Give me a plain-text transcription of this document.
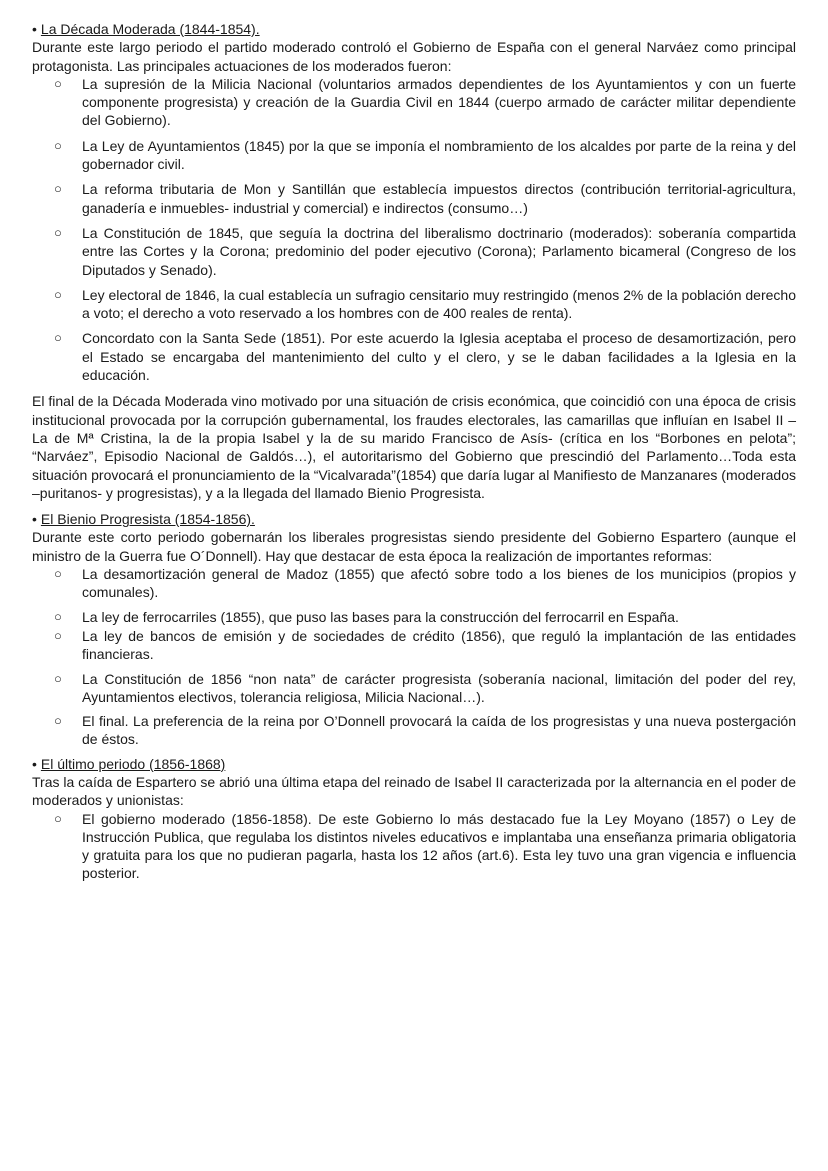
• La Década Moderada (1844-1854).

Durante este largo periodo el partido moderado controló el Gobierno de España con el general Narváez como principal protagonista. Las principales actuaciones de los moderados fueron:

○ La supresión de la Milicia Nacional (voluntarios armados dependientes de los Ayuntamientos y con un fuerte componente progresista) y creación de la Guardia Civil en 1844 (cuerpo armado de carácter militar dependiente del Gobierno).
○ La Ley de Ayuntamientos (1845) por la que se imponía el nombramiento de los alcaldes por parte de la reina y del gobernador civil.
○ La reforma tributaria de Mon y Santillán que establecía impuestos directos (contribución territorial-agricultura, ganadería e inmuebles- industrial y comercial) e indirectos (consumo…)
○ La Constitución de 1845, que seguía la doctrina del liberalismo doctrinario (moderados): soberanía compartida entre las Cortes y la Corona; predominio del poder ejecutivo (Corona); Parlamento bicameral (Congreso de los Diputados y Senado).
○ Ley electoral de 1846, la cual establecía un sufragio censitario muy restringido (menos 2% de la población derecho a voto; el derecho a voto reservado a los hombres con de 400 reales de renta).
○ Concordato con la Santa Sede (1851). Por este acuerdo la Iglesia aceptaba el proceso de desamortización, pero el Estado se encargaba del mantenimiento del culto y el clero, y se le daban facilidades a la Iglesia en la educación.

El final de la Década Moderada vino motivado por una situación de crisis económica, que coincidió con una época de crisis institucional provocada por la corrupción gubernamental, los fraudes electorales, las camarillas que influían en Isabel II –La de Mª Cristina, la de la propia Isabel y la de su marido Francisco de Asís- (crítica en los “Borbones en pelota”; “Narváez”, Episodio Nacional de Galdós…), el autoritarismo del Gobierno que prescindió del Parlamento…Toda esta situación provocará el pronunciamiento de la “Vicalvarada”(1854) que daría lugar al Manifiesto de Manzanares (moderados –puritanos- y progresistas), y a la llegada del llamado Bienio Progresista.

• El Bienio Progresista (1854-1856).

Durante este corto periodo gobernarán los liberales progresistas siendo presidente del Gobierno Espartero (aunque el ministro de la Guerra fue O´Donnell). Hay que destacar de esta época la realización de importantes reformas:

○ La desamortización general de Madoz (1855) que afectó sobre todo a los bienes de los municipios (propios y comunales).
○ La ley de ferrocarriles (1855), que puso las bases para la construcción del ferrocarril en España.
○ La ley de bancos de emisión y de sociedades de crédito (1856), que reguló la implantación de las entidades financieras.
○ La Constitución de 1856 “non nata” de carácter progresista (soberanía nacional, limitación del poder del rey, Ayuntamientos electivos, tolerancia religiosa, Milicia Nacional…).
○ El final. La preferencia de la reina por O’Donnell provocará la caída de los progresistas y una nueva postergación de éstos.
• El último periodo (1856-1868)

Tras la caída de Espartero se abrió una última etapa del reinado de Isabel II caracterizada por la alternancia en el poder de moderados y unionistas:

○ El gobierno moderado (1856-1858). De este Gobierno lo más destacado fue la Ley Moyano (1857) o Ley de Instrucción Publica, que regulaba los distintos niveles educativos e implantaba una enseñanza primaria obligatoria y gratuita para los que no pudieran pagarla, hasta los 12 años (art.6). Esta ley tuvo una gran vigencia e influencia posterior.
